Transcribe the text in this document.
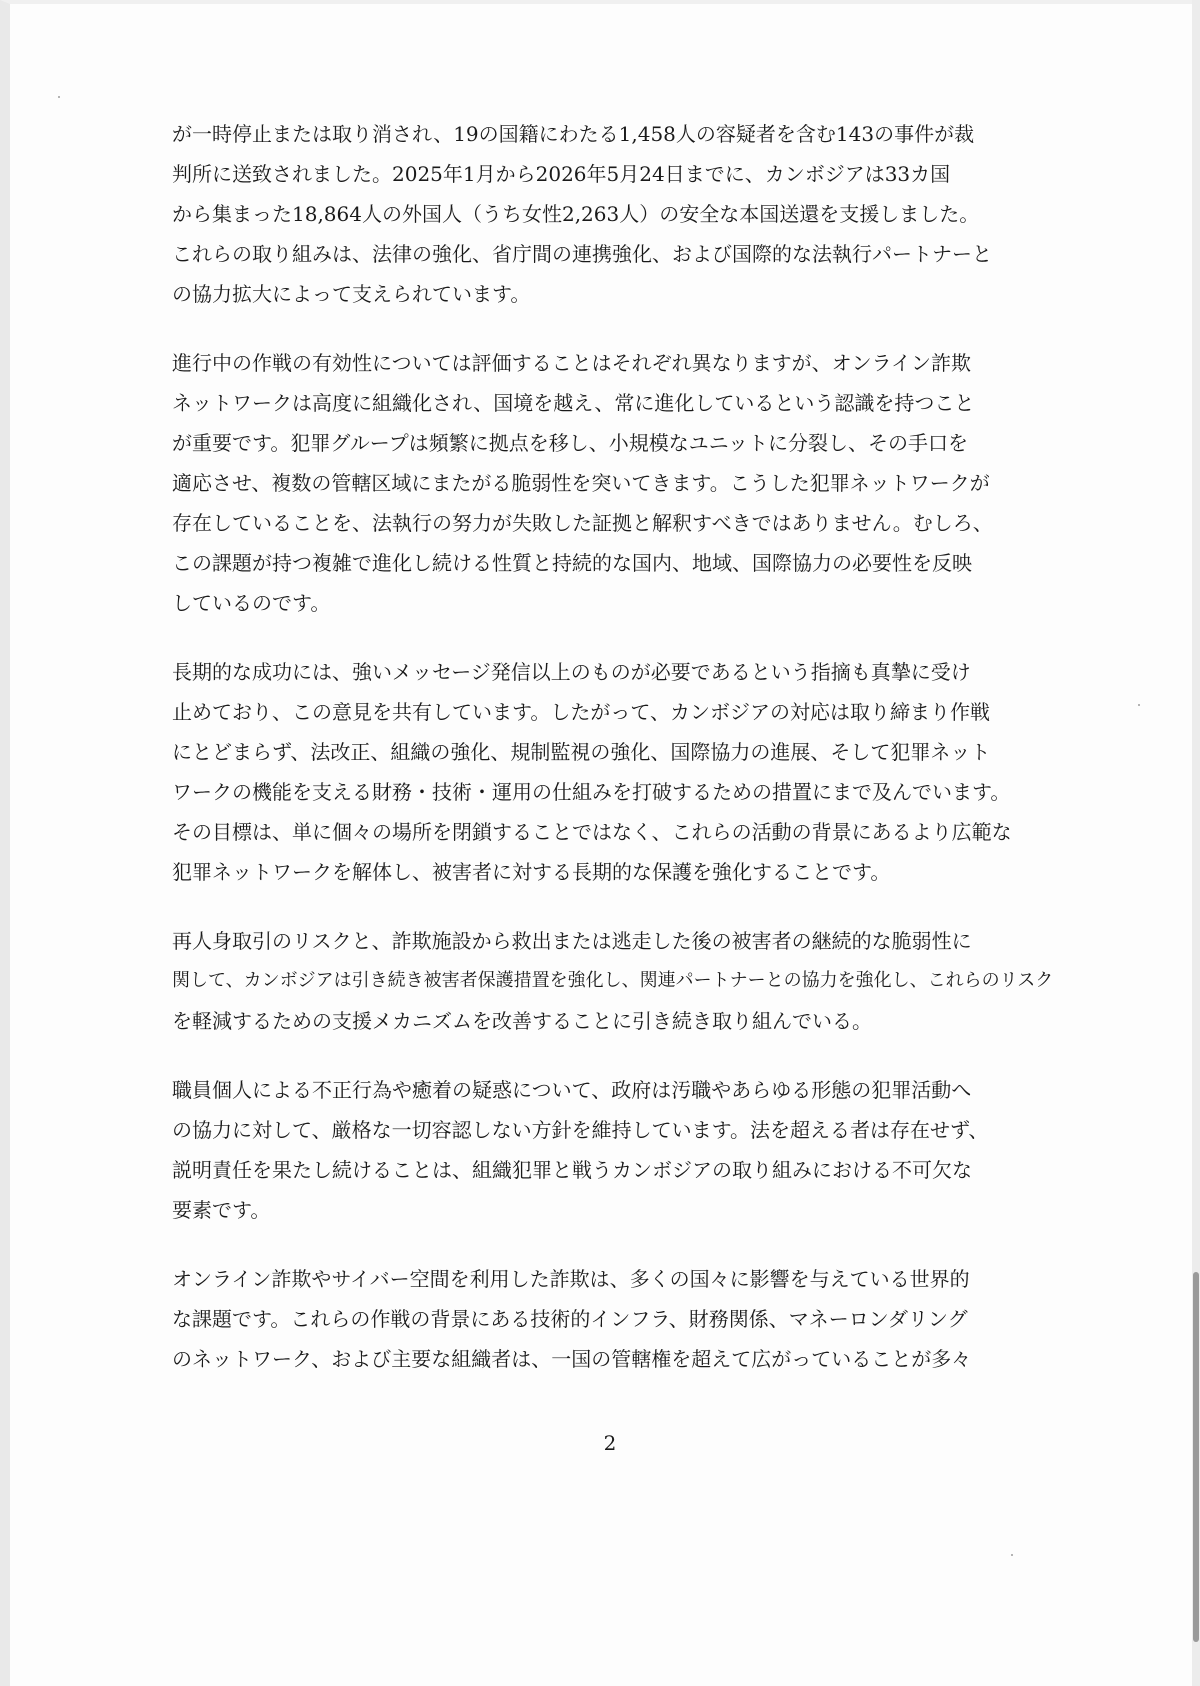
が一時停止または取り消され、19の国籍にわたる1,458人の容疑者を含む143の事件が裁
判所に送致されました。2025年1月から2026年5月24日までに、カンボジアは33カ国
から集まった18,864人の外国人（うち女性2,263人）の安全な本国送還を支援しました。
これらの取り組みは、法律の強化、省庁間の連携強化、および国際的な法執行パートナーと
の協力拡大によって支えられています。

進行中の作戦の有効性については評価することはそれぞれ異なりますが、オンライン詐欺
ネットワークは高度に組織化され、国境を越え、常に進化しているという認識を持つこと
が重要です。犯罪グループは頻繁に拠点を移し、小規模なユニットに分裂し、その手口を
適応させ、複数の管轄区域にまたがる脆弱性を突いてきます。こうした犯罪ネットワークが
存在していることを、法執行の努力が失敗した証拠と解釈すべきではありません。むしろ、
この課題が持つ複雑で進化し続ける性質と持続的な国内、地域、国際協力の必要性を反映
しているのです。

長期的な成功には、強いメッセージ発信以上のものが必要であるという指摘も真摯に受け
止めており、この意見を共有しています。したがって、カンボジアの対応は取り締まり作戦
にとどまらず、法改正、組織の強化、規制監視の強化、国際協力の進展、そして犯罪ネット
ワークの機能を支える財務・技術・運用の仕組みを打破するための措置にまで及んでいます。
その目標は、単に個々の場所を閉鎖することではなく、これらの活動の背景にあるより広範な
犯罪ネットワークを解体し、被害者に対する長期的な保護を強化することです。

再人身取引のリスクと、詐欺施設から救出または逃走した後の被害者の継続的な脆弱性に
関して、カンボジアは引き続き被害者保護措置を強化し、関連パートナーとの協力を強化し、これらのリスク
を軽減するための支援メカニズムを改善することに引き続き取り組んでいる。

職員個人による不正行為や癒着の疑惑について、政府は汚職やあらゆる形態の犯罪活動へ
の協力に対して、厳格な一切容認しない方針を維持しています。法を超える者は存在せず、
説明責任を果たし続けることは、組織犯罪と戦うカンボジアの取り組みにおける不可欠な
要素です。

オンライン詐欺やサイバー空間を利用した詐欺は、多くの国々に影響を与えている世界的
な課題です。これらの作戦の背景にある技術的インフラ、財務関係、マネーロンダリング
のネットワーク、および主要な組織者は、一国の管轄権を超えて広がっていることが多々

2
